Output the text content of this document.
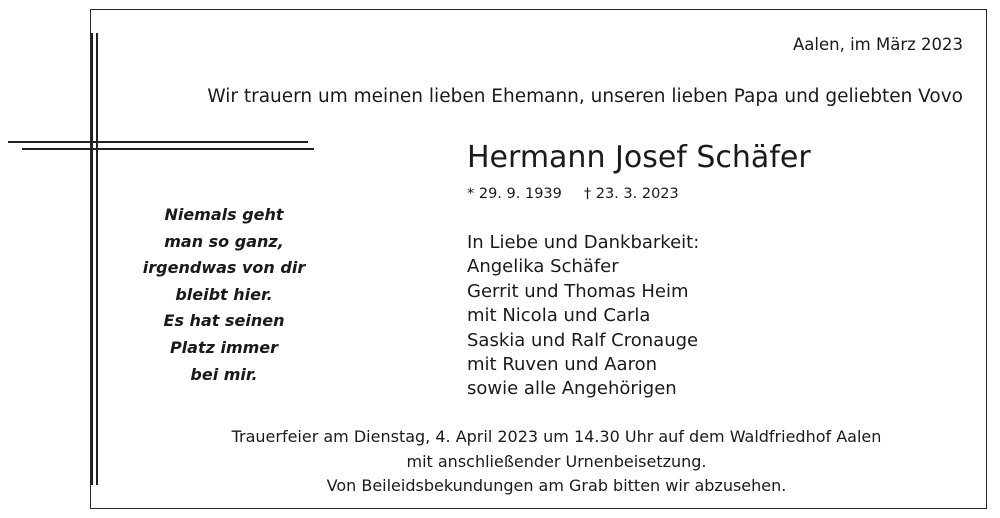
Aalen, im März 2023
Wir trauern um meinen lieben Ehemann, unseren lieben Papa und geliebten Vovo
Hermann Josef Schäfer
* 29. 9. 1939 † 23. 3. 2023
In Liebe und Dankbarkeit:
Angelika Schäfer
Gerrit und Thomas Heim
mit Nicola und Carla
Saskia und Ralf Cronauge
mit Ruven und Aaron
sowie alle Angehörigen
Niemals geht
man so ganz,
irgendwas von dir
bleibt hier.
Es hat seinen
Platz immer
bei mir.
Trauerfeier am Dienstag, 4. April 2023 um 14.30 Uhr auf dem Waldfriedhof Aalen
mit anschließender Urnenbeisetzung.
Von Beileidsbekundungen am Grab bitten wir abzusehen.
